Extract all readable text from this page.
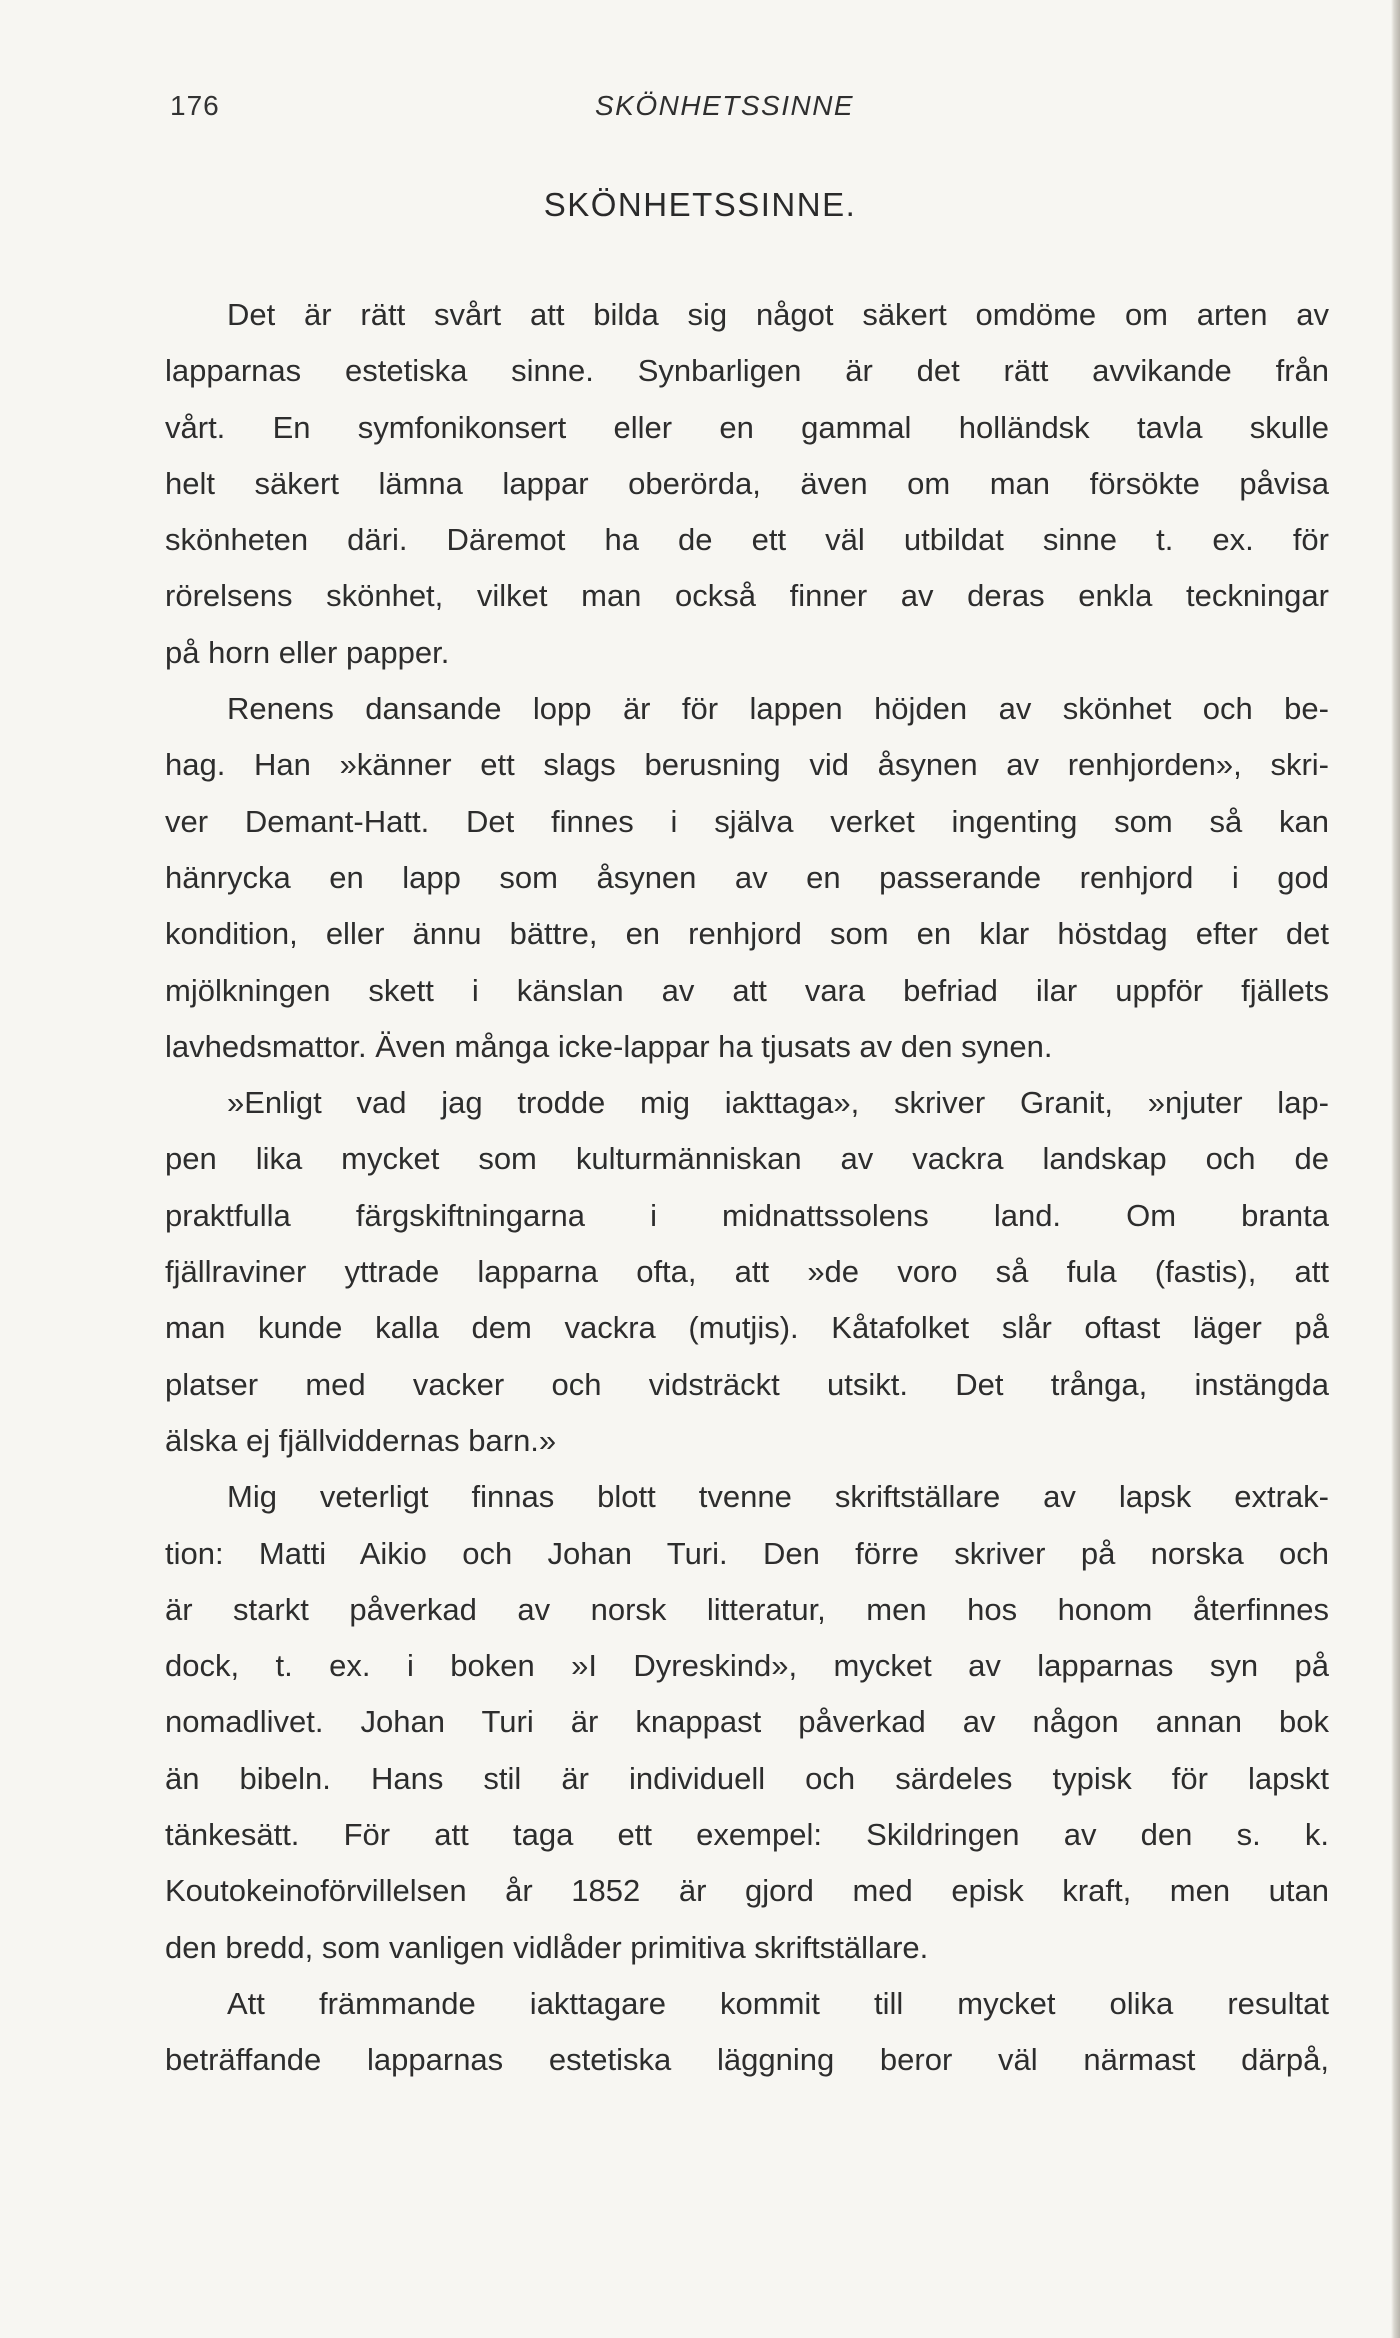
176	SKÖNHETSSINNE
SKÖNHETSSINNE.
Det är rätt svårt att bilda sig något säkert omdöme om arten av
lapparnas estetiska sinne. Synbarligen är det rätt avvikande från
vårt. En symfonikonsert eller en gammal holländsk tavla skulle
helt säkert lämna lappar oberörda, även om man försökte påvisa
skönheten däri. Däremot ha de ett väl utbildat sinne t. ex. för
rörelsens skönhet, vilket man också finner av deras enkla teckningar
på horn eller papper.
Renens dansande lopp är för lappen höjden av skönhet och be-
hag. Han »känner ett slags berusning vid åsynen av renhjorden», skri-
ver Demant-Hatt. Det finnes i själva verket ingenting som så kan
hänrycka en lapp som åsynen av en passerande renhjord i god
kondition, eller ännu bättre, en renhjord som en klar höstdag efter det
mjölkningen skett i känslan av att vara befriad ilar uppför fjällets
lavhedsmattor. Även många icke-lappar ha tjusats av den synen.
»Enligt vad jag trodde mig iakttaga», skriver Granit, »njuter lap-
pen lika mycket som kulturmänniskan av vackra landskap och de
praktfulla färgskiftningarna i midnattssolens land. Om branta
fjällraviner yttrade lapparna ofta, att »de voro så fula (fastis), att
man kunde kalla dem vackra (mutjis). Kåtafolket slår oftast läger på
platser med vacker och vidsträckt utsikt. Det trånga, instängda
älska ej fjällviddernas barn.»
Mig veterligt finnas blott tvenne skriftställare av lapsk extrak-
tion: Matti Aikio och Johan Turi. Den förre skriver på norska och
är starkt påverkad av norsk litteratur, men hos honom återfinnes
dock, t. ex. i boken »I Dyreskind», mycket av lapparnas syn på
nomadlivet. Johan Turi är knappast påverkad av någon annan bok
än bibeln. Hans stil är individuell och särdeles typisk för lapskt
tänkesätt. För att taga ett exempel: Skildringen av den s. k.
Koutokeinoförvillelsen år 1852 är gjord med episk kraft, men utan
den bredd, som vanligen vidlåder primitiva skriftställare.
Att främmande iakttagare kommit till mycket olika resultat
beträffande lapparnas estetiska läggning beror väl närmast därpå,
